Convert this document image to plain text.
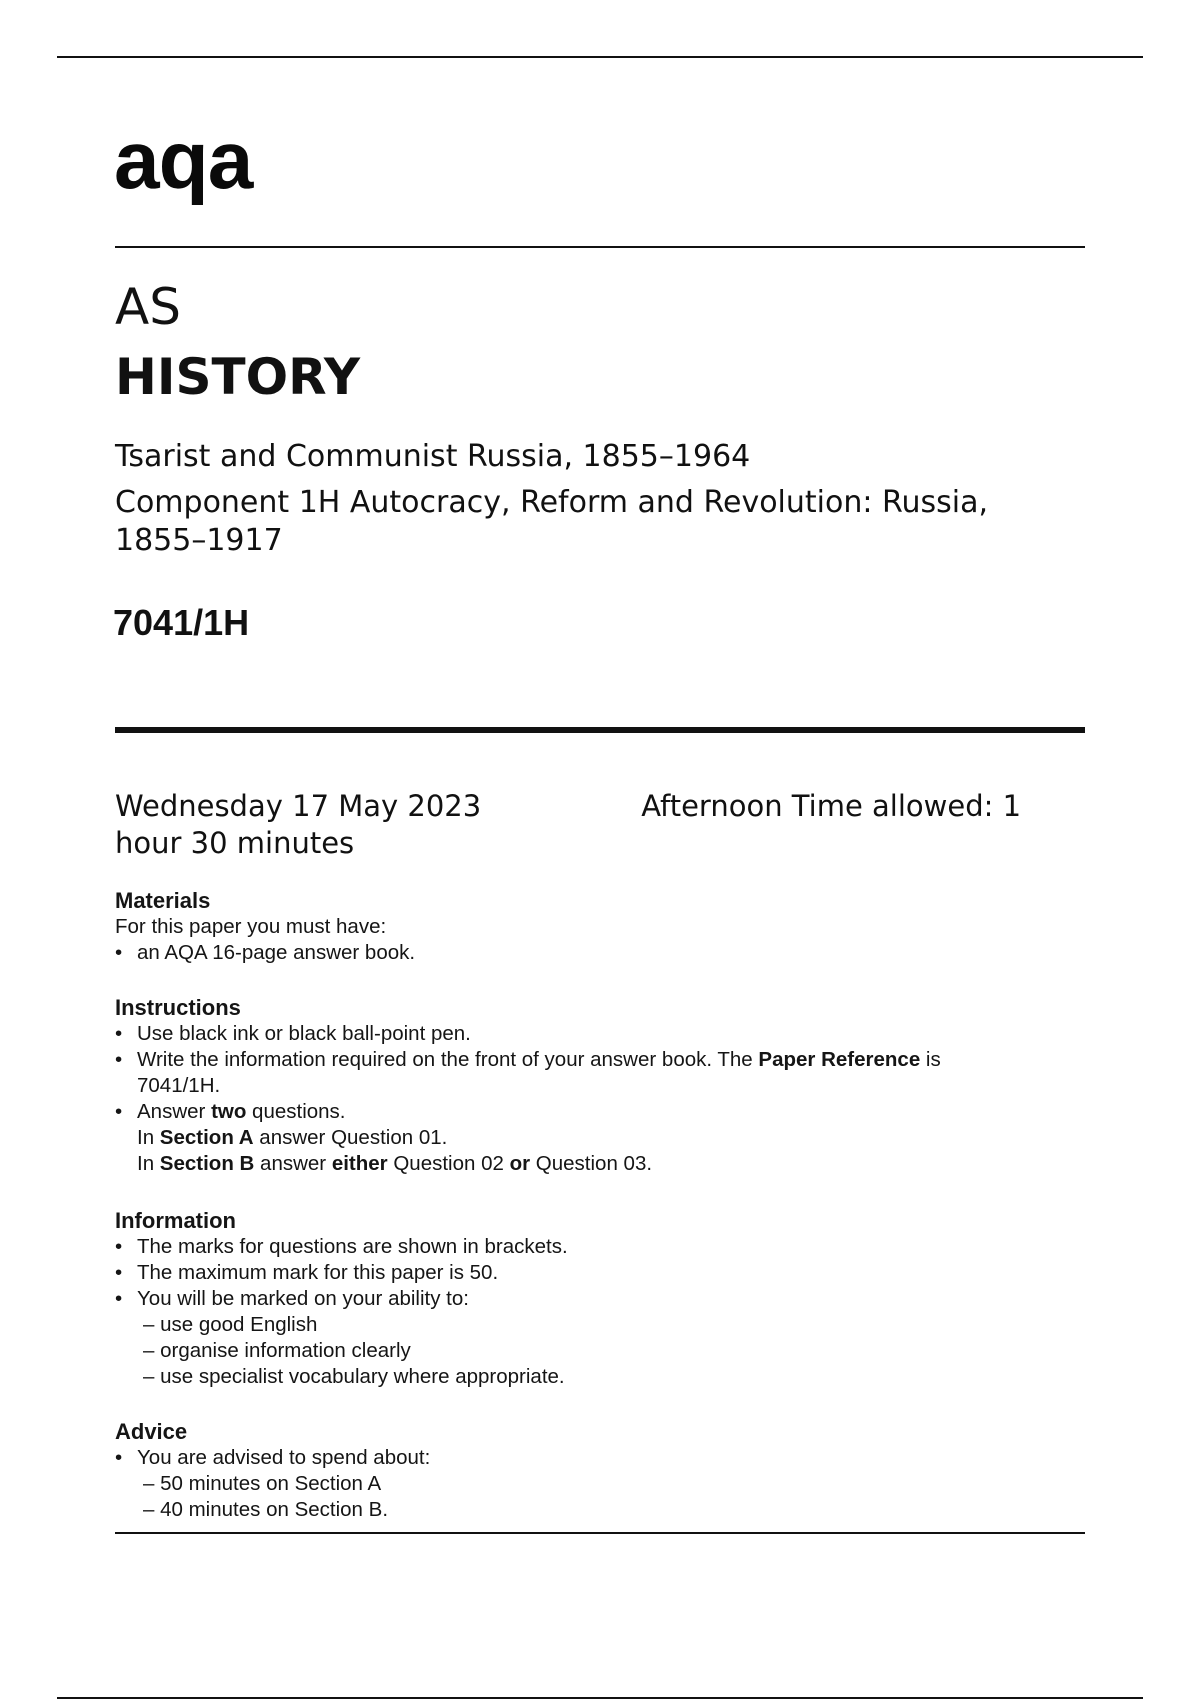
aqa
AS
HISTORY
Tsarist and Communist Russia, 1855–1964
Component 1H Autocracy, Reform and Revolution: Russia,
1855–1917
7041/1H
Wednesday 17 May 2023	Afternoon Time allowed: 1
hour 30 minutes
Materials

For this paper you must have:

• an AQA 16-page answer book.
Instructions
• Use black ink or black ball-point pen.
• Write the information required on the front of your answer book. The Paper Reference is
7041/1H.
• Answer two questions.
In Section A answer Question 01.
In Section B answer either Question 02 or Question 03.
Information
• The marks for questions are shown in brackets.
• The maximum mark for this paper is 50.
• You will be marked on your ability to:
– use good English
– organise information clearly
– use specialist vocabulary where appropriate.
Advice
• You are advised to spend about:
– 50 minutes on Section A
– 40 minutes on Section B.
